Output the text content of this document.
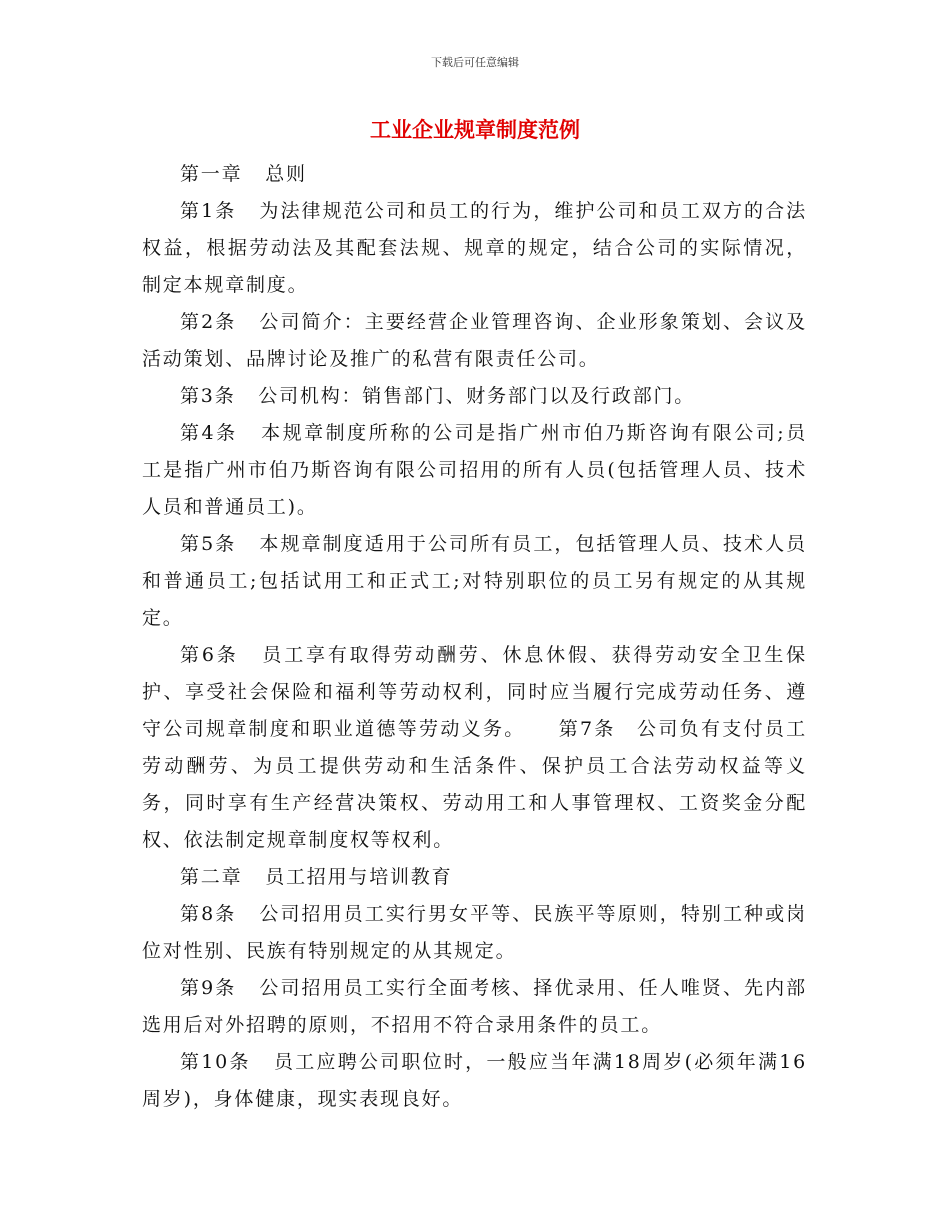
下载后可任意编辑
工业企业规章制度范例

第一章 总则

第1条 为法律规范公司和员工的行为，维护公司和员工双方的合法权益，根据劳动法及其配套法规、规章的规定，结合公司的实际情况，制定本规章制度。

第2条 公司简介：主要经营企业管理咨询、企业形象策划、会议及活动策划、品牌讨论及推广的私营有限责任公司。

第3条 公司机构：销售部门、财务部门以及行政部门。

第4条 本规章制度所称的公司是指广州市伯乃斯咨询有限公司;员工是指广州市伯乃斯咨询有限公司招用的所有人员(包括管理人员、技术人员和普通员工)。

第5条 本规章制度适用于公司所有员工，包括管理人员、技术人员和普通员工;包括试用工和正式工;对特别职位的员工另有规定的从其规定。

第6条 员工享有取得劳动酬劳、休息休假、获得劳动安全卫生保护、享受社会保险和福利等劳动权利，同时应当履行完成劳动任务、遵守公司规章制度和职业道德等劳动义务。　　第7条　公司负有支付员工劳动酬劳、为员工提供劳动和生活条件、保护员工合法劳动权益等义务，同时享有生产经营决策权、劳动用工和人事管理权、工资奖金分配权、依法制定规章制度权等权利。

第二章 员工招用与培训教育

第8条 公司招用员工实行男女平等、民族平等原则，特别工种或岗位对性别、民族有特别规定的从其规定。

第9条 公司招用员工实行全面考核、择优录用、任人唯贤、先内部选用后对外招聘的原则，不招用不符合录用条件的员工。

第10条 员工应聘公司职位时，一般应当年满18周岁(必须年满16周岁)，身体健康，现实表现良好。
